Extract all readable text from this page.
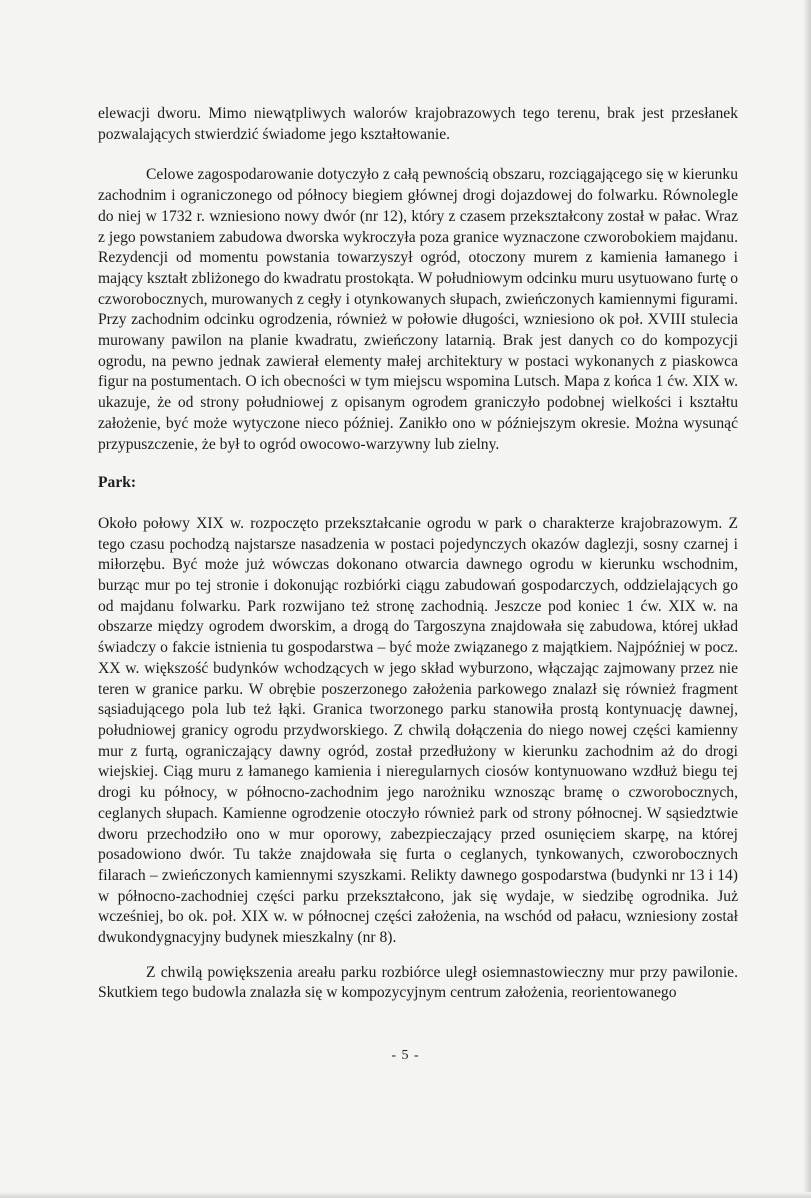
elewacji dworu. Mimo niewątpliwych walorów krajobrazowych tego terenu, brak jest przesłanek pozwalających stwierdzić świadome jego kształtowanie.

Celowe zagospodarowanie dotyczyło z całą pewnością obszaru, rozciągającego się w kierunku zachodnim i ograniczonego od północy biegiem głównej drogi dojazdowej do folwarku. Równolegle do niej w 1732 r. wzniesiono nowy dwór (nr 12), który z czasem przekształcony został w pałac. Wraz z jego powstaniem zabudowa dworska wykroczyła poza granice wyznaczone czworobokiem majdanu. Rezydencji od momentu powstania towarzyszył ogród, otoczony murem z kamienia łamanego i mający kształt zbliżonego do kwadratu prostokąta. W południowym odcinku muru usytuowano furtę o czworobocznych, murowanych z cegły i otynkowanych słupach, zwieńczonych kamiennymi figurami. Przy zachodnim odcinku ogrodzenia, również w połowie długości, wzniesiono ok poł. XVIII stulecia murowany pawilon na planie kwadratu, zwieńczony latarnią. Brak jest danych co do kompozycji ogrodu, na pewno jednak zawierał elementy małej architektury w postaci wykonanych z piaskowca figur na postumentach. O ich obecności w tym miejscu wspomina Lutsch. Mapa z końca 1 ćw. XIX w. ukazuje, że od strony południowej z opisanym ogrodem graniczyło podobnej wielkości i kształtu założenie, być może wytyczone nieco później. Zanikło ono w późniejszym okresie. Można wysunąć przypuszczenie, że był to ogród owocowo-warzywny lub zielny.

Park:

Około połowy XIX w. rozpoczęto przekształcanie ogrodu w park o charakterze krajobrazowym. Z tego czasu pochodzą najstarsze nasadzenia w postaci pojedynczych okazów daglezji, sosny czarnej i miłorzębu. Być może już wówczas dokonano otwarcia dawnego ogrodu w kierunku wschodnim, burząc mur po tej stronie i dokonując rozbiórki ciągu zabudowań gospodarczych, oddzielających go od majdanu folwarku. Park rozwijano też stronę zachodnią. Jeszcze pod koniec 1 ćw. XIX w. na obszarze między ogrodem dworskim, a drogą do Targoszyna znajdowała się zabudowa, której układ świadczy o fakcie istnienia tu gospodarstwa – być może związanego z majątkiem. Najpóźniej w pocz. XX w. większość budynków wchodzących w jego skład wyburzono, włączając zajmowany przez nie teren w granice parku. W obrębie poszerzonego założenia parkowego znalazł się również fragment sąsiadującego pola lub też łąki. Granica tworzonego parku stanowiła prostą kontynuację dawnej, południowej granicy ogrodu przydworskiego. Z chwilą dołączenia do niego nowej części kamienny mur z furtą, ograniczający dawny ogród, został przedłużony w kierunku zachodnim aż do drogi wiejskiej. Ciąg muru z łamanego kamienia i nieregularnych ciosów kontynuowano wzdłuż biegu tej drogi ku północy, w północno-zachodnim jego narożniku wznosząc bramę o czworobocznych, ceglanych słupach. Kamienne ogrodzenie otoczyło również park od strony północnej. W sąsiedztwie dworu przechodziło ono w mur oporowy, zabezpieczający przed osunięciem skarpę, na której posadowiono dwór. Tu także znajdowała się furta o ceglanych, tynkowanych, czworobocznych filarach – zwieńczonych kamiennymi szyszkami. Relikty dawnego gospodarstwa (budynki nr 13 i 14) w północno-zachodniej części parku przekształcono, jak się wydaje, w siedzibę ogrodnika. Już wcześniej, bo ok. poł. XIX w. w północnej części założenia, na wschód od pałacu, wzniesiony został dwukondygnacyjny budynek mieszkalny (nr 8).

Z chwilą powiększenia areału parku rozbiórce uległ osiemnastowieczny mur przy pawilonie. Skutkiem tego budowla znalazła się w kompozycyjnym centrum założenia, reorientowanego

- 5 -
